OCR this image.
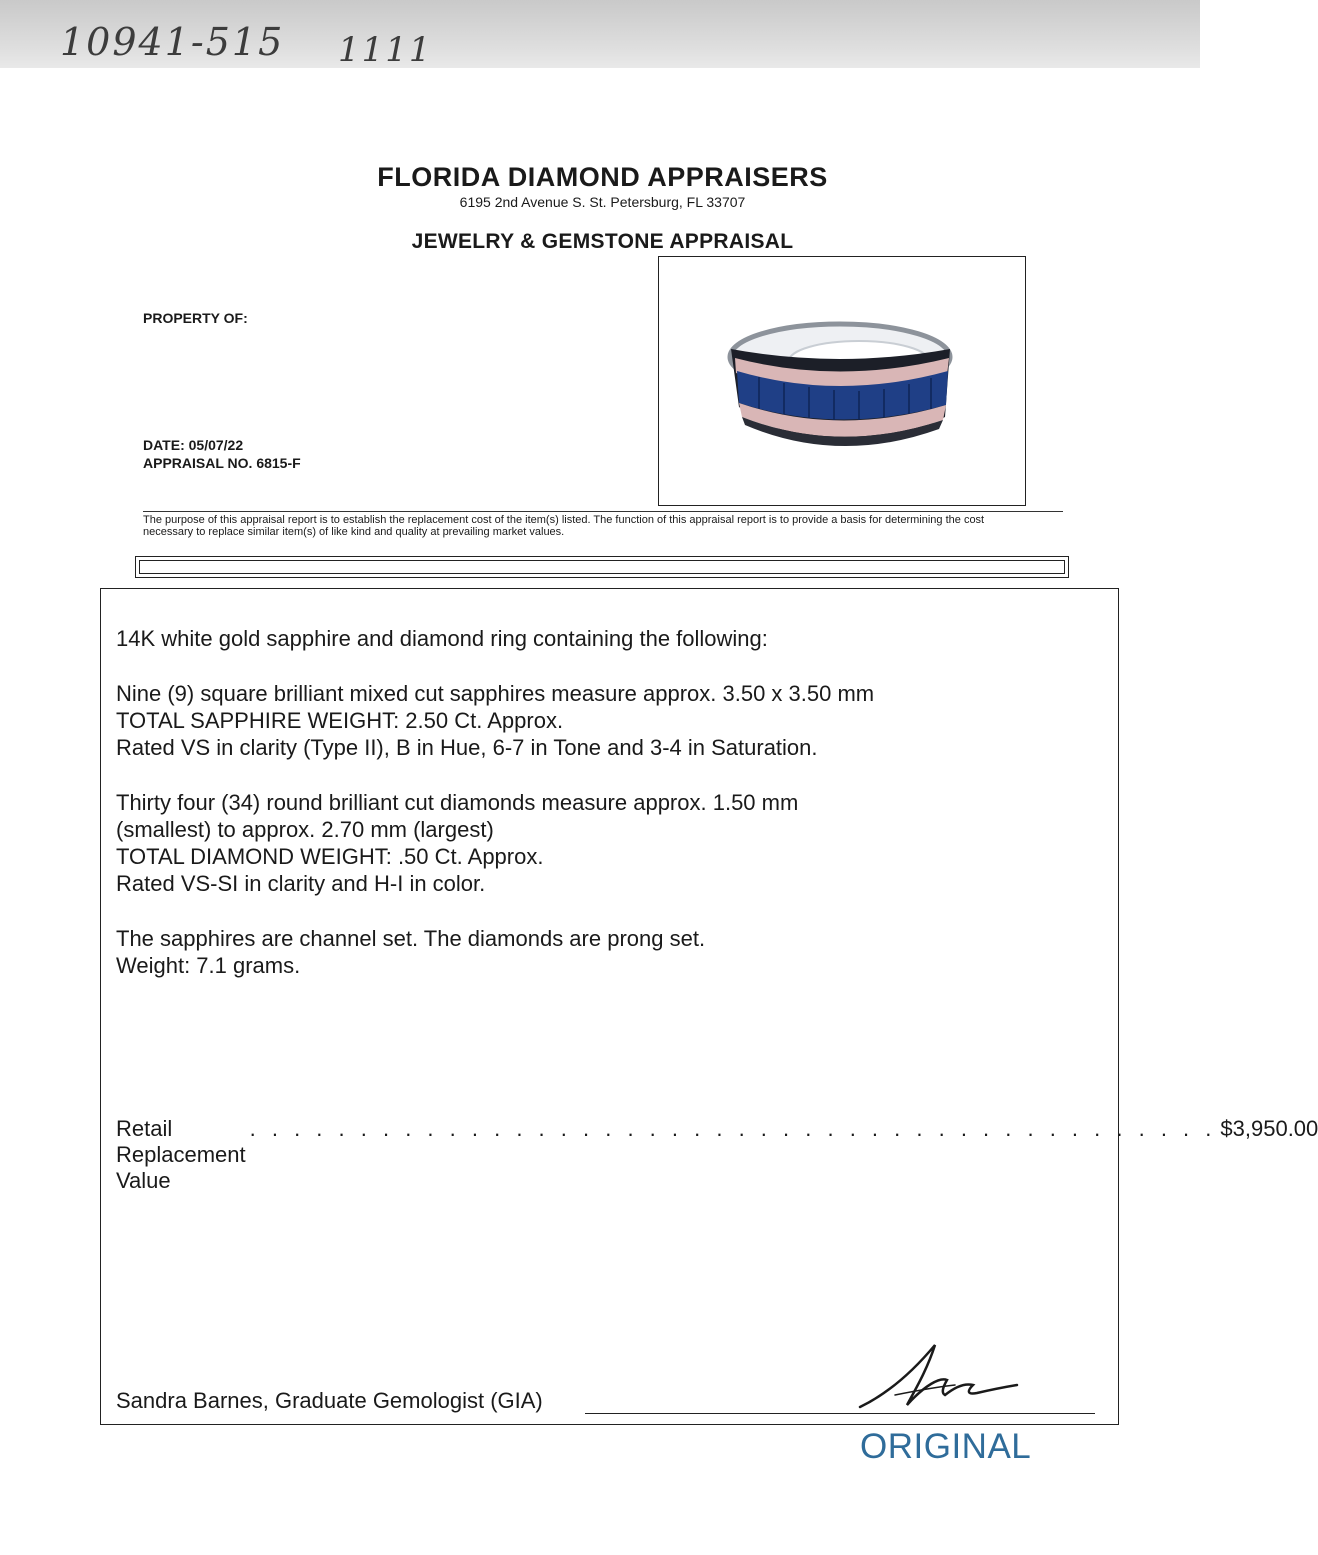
10941-515 1111
FLORIDA DIAMOND APPRAISERS
6195 2nd Avenue S. St. Petersburg, FL 33707
JEWELRY & GEMSTONE APPRAISAL
PROPERTY OF:
DATE: 05/07/22
APPRAISAL NO. 6815-F
The purpose of this appraisal report is to establish the replacement cost of the item(s) listed. The function of this appraisal report is to provide a basis for determining the cost
necessary to replace similar item(s) of like kind and quality at prevailing market values.
14K white gold sapphire and diamond ring containing the following:
Nine (9) square brilliant mixed cut sapphires measure approx. 3.50 x 3.50 mm
TOTAL SAPPHIRE WEIGHT: 2.50 Ct. Approx.
Rated VS in clarity (Type II), B in Hue, 6-7 in Tone and 3-4 in Saturation.
Thirty four (34) round brilliant cut diamonds measure approx. 1.50 mm
(smallest) to approx. 2.70 mm (largest)
TOTAL DIAMOND WEIGHT: .50 Ct. Approx.
Rated VS-SI in clarity and H-I in color.
The sapphires are channel set. The diamonds are prong set.
Weight: 7.1 grams.
Retail Replacement Value
. . . . . . . . . . . . . . . . . . . . . . . . . . . . . . . . . . . . . . . . . . . . $3,950.00
Sandra Barnes, Graduate Gemologist (GIA)
ORIGINAL
